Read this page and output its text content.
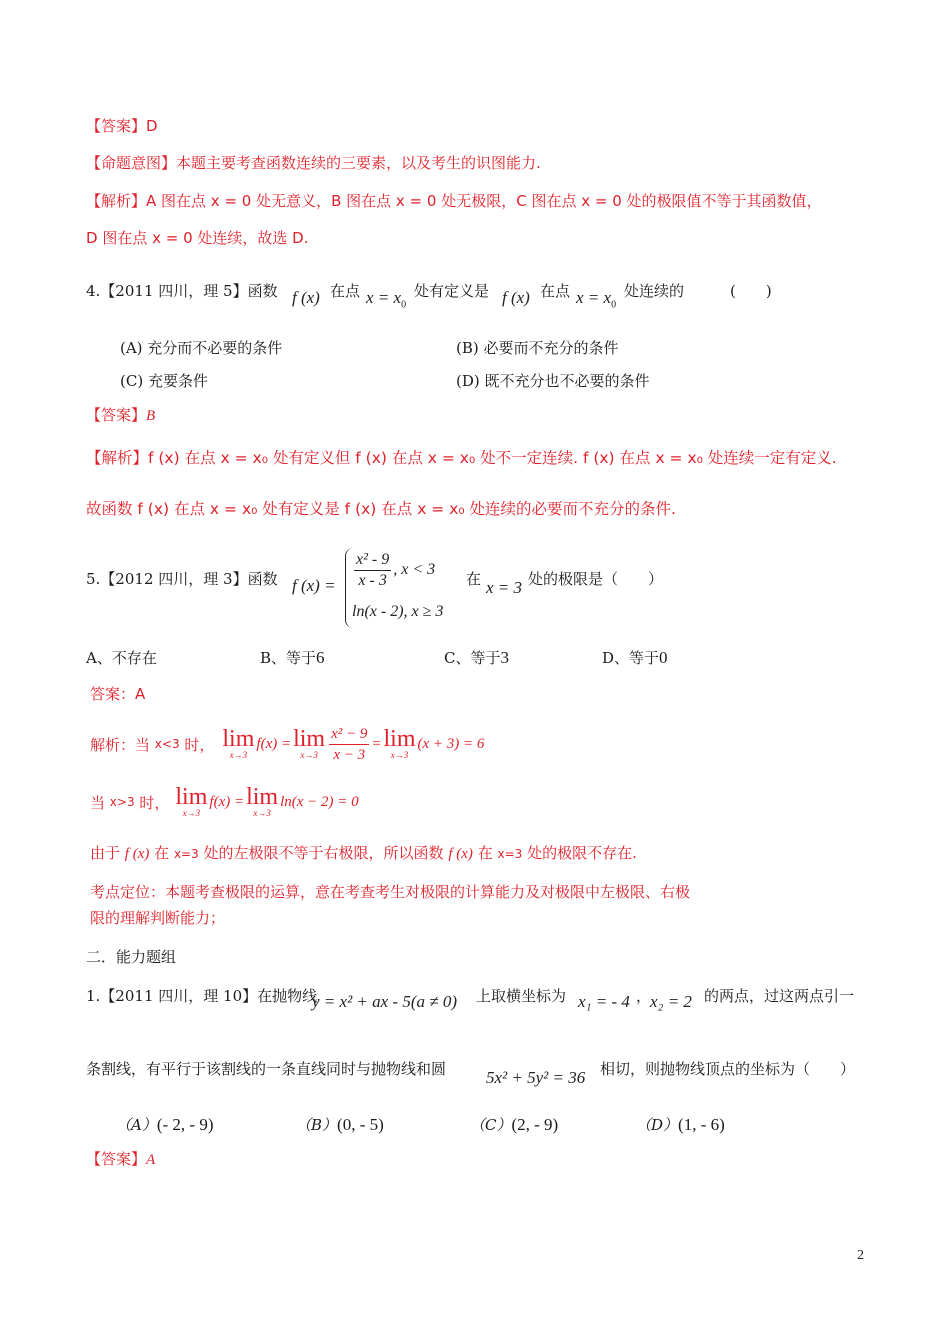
【答案】D
【命题意图】本题主要考查函数连续的三要素，以及考生的识图能力.
【解析】A 图在点 x = 0 处无意义，B 图在点 x = 0 处无极限，C 图在点 x = 0 处的极限值不等于其函数值，
D 图在点 x = 0 处连续，故选 D.
4.【2011 四川，理 5】函数 f (x) 在点 $x = x_0$
处有定义是 f (x) 在点 $x = x_0$
处连续的	(　　)
(A) 充分而不必要的条件	(B) 必要而不充分的条件
(C) 充要条件	(D) 既不充分也不必要的条件
【答案】B
【解析】f (x) 在点 x = x₀ 处有定义但 f (x) 在点 x = x₀ 处不一定连续. f (x) 在点 x = x₀ 处连续一定有定义.
故函数 f (x) 在点 x = x₀ 处有定义是 f (x) 在点 x = x₀ 处连续的必要而不充分的条件.
5.【2012 四川，理 3】函数 f $(x) = \frac{\text{x² - 9}}{x - 3}$ , x < 3
ln(x - 2), x ≥ 3
在 x = 3 处的极限是（　　）
A、不存在	B、等于6	C、等于3	D、等于0
答案：A
解析：当
x<3
时， lim
x→3
f(x) = lim
$x\to 3 \frac{\text{x² − 9}}{x - 3} = \lim$
x→3
(x + 3) = 6
当
x>3
时， lim
x→3
f(x) = lim
x→3
ln(x − 2) = 0
由于 f (x) 在 x=3 处的左极限不等于右极限，所以函数 f (x) 在 x=3 处的极限不存在.
考点定位：本题考查极限的运算，意在考查考生对极限的计算能力及对极限中左极限、右极
限的理解判断能力；
二．能力题组
1.【2011 四川，理 10】在抛物线
y = x² + ax - 5(a ≠ 0) 上取横坐标为 x₁ = - 4 ，
x₂ = 2 的两点，过这两点引一
条割线，有平行于该割线的一条直线同时与抛物线和圆 5x² + 5y² = 36 相切，则抛物线顶点的坐标为（　　）
（A）(- 2, - 9)	（B）(0, - 5)	（C）(2, - 9)	（D）(1, - 6)
【答案】A
2
